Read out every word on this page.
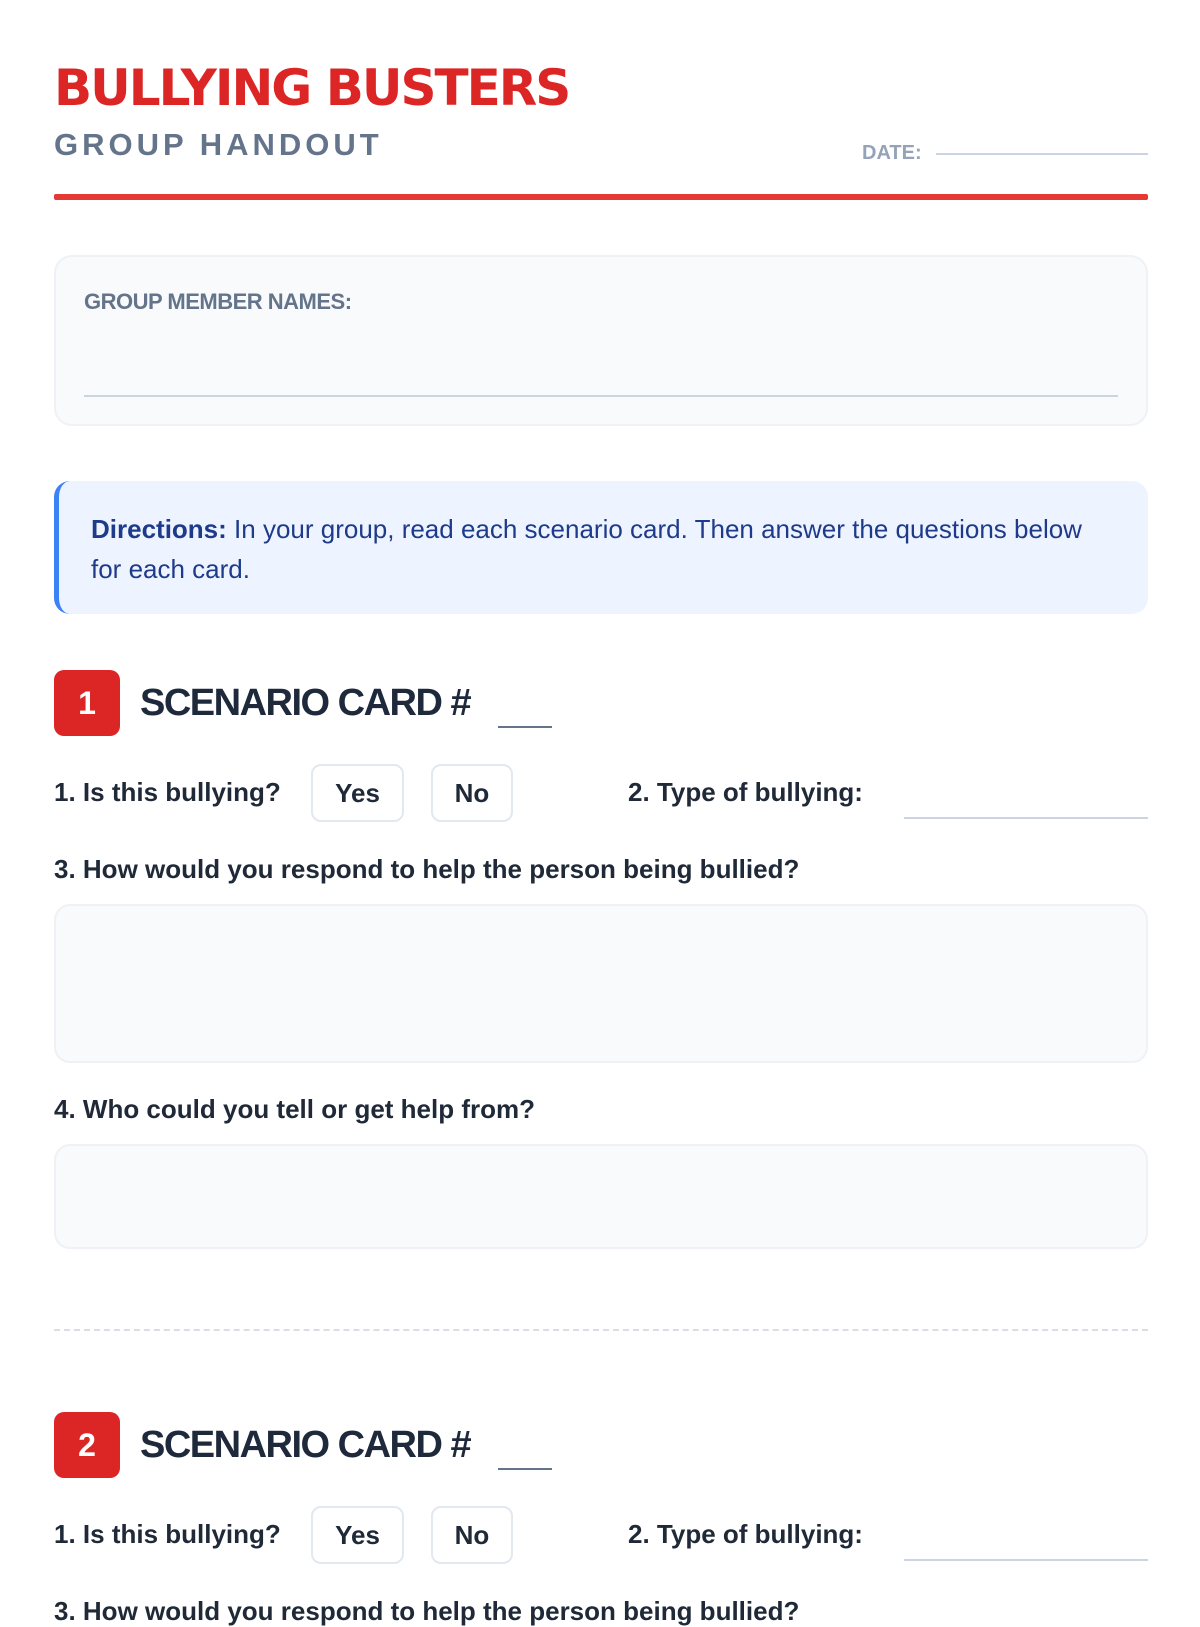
BULLYING BUSTERS
GROUP HANDOUT	DATE:
GROUP MEMBER NAMES:
Directions: In your group, read each scenario card. Then answer the questions below for each card.
1	SCENARIO CARD #
1. Is this bullying?	Yes	No	2. Type of bullying:
3. How would you respond to help the person being bullied?
4. Who could you tell or get help from?
2	SCENARIO CARD #
1. Is this bullying?	Yes	No	2. Type of bullying:
3. How would you respond to help the person being bullied?
